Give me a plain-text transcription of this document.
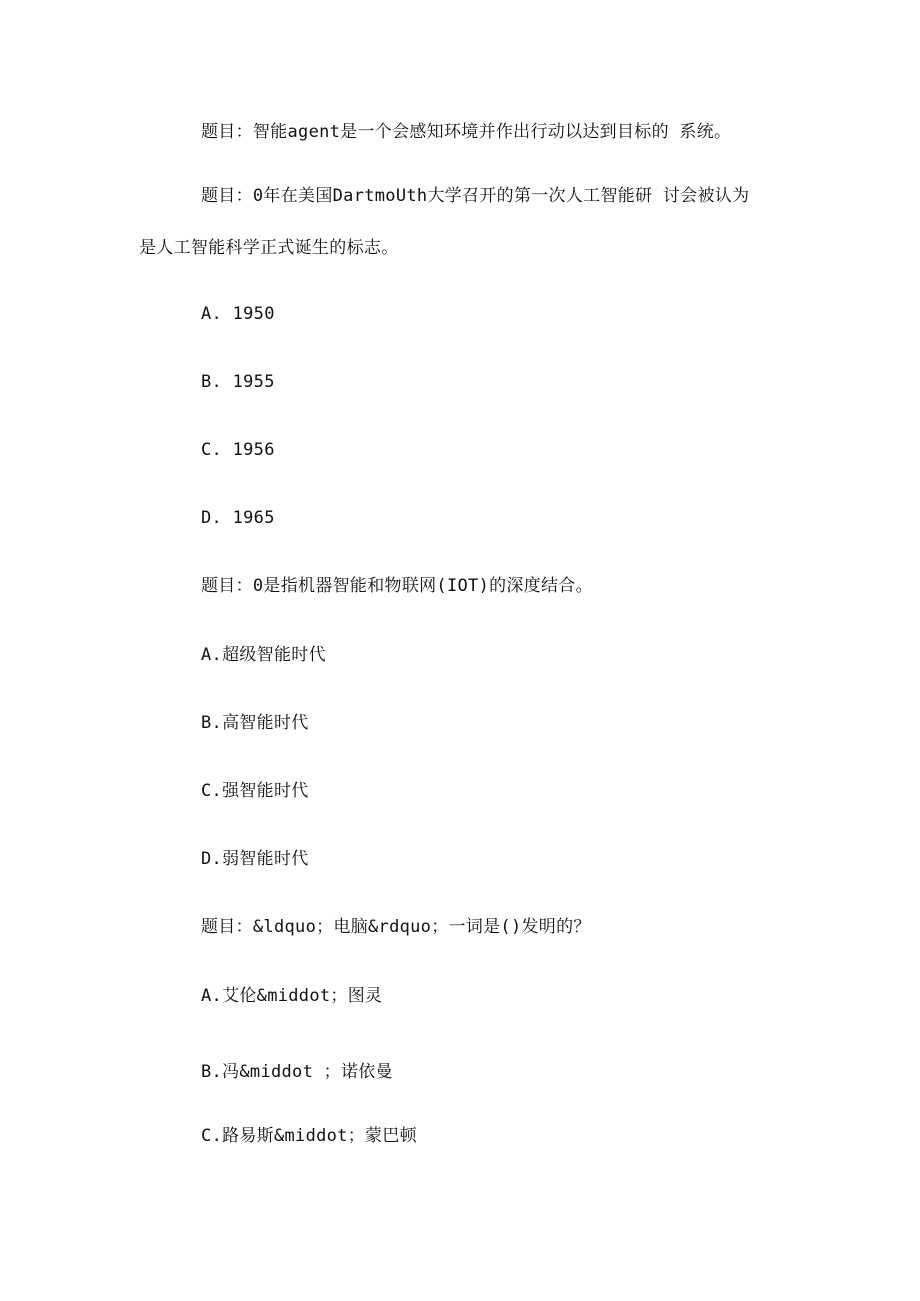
题目：智能agent是一个会感知环境并作出行动以达到目标的 系统。
题目：0年在美国DartmoUth大学召开的第一次人工智能研 讨会被认为
是人工智能科学正式诞生的标志。
A. 1950
B. 1955
C. 1956
D. 1965
题目：0是指机器智能和物联网(IOT)的深度结合。
A.超级智能时代
B.高智能时代
C.强智能时代
D.弱智能时代
题目：&ldquo；电脑&rdquo；一词是()发明的？
A.艾伦&middot；图灵
B.冯&middot ；诺依曼
C.路易斯&middot；蒙巴顿
